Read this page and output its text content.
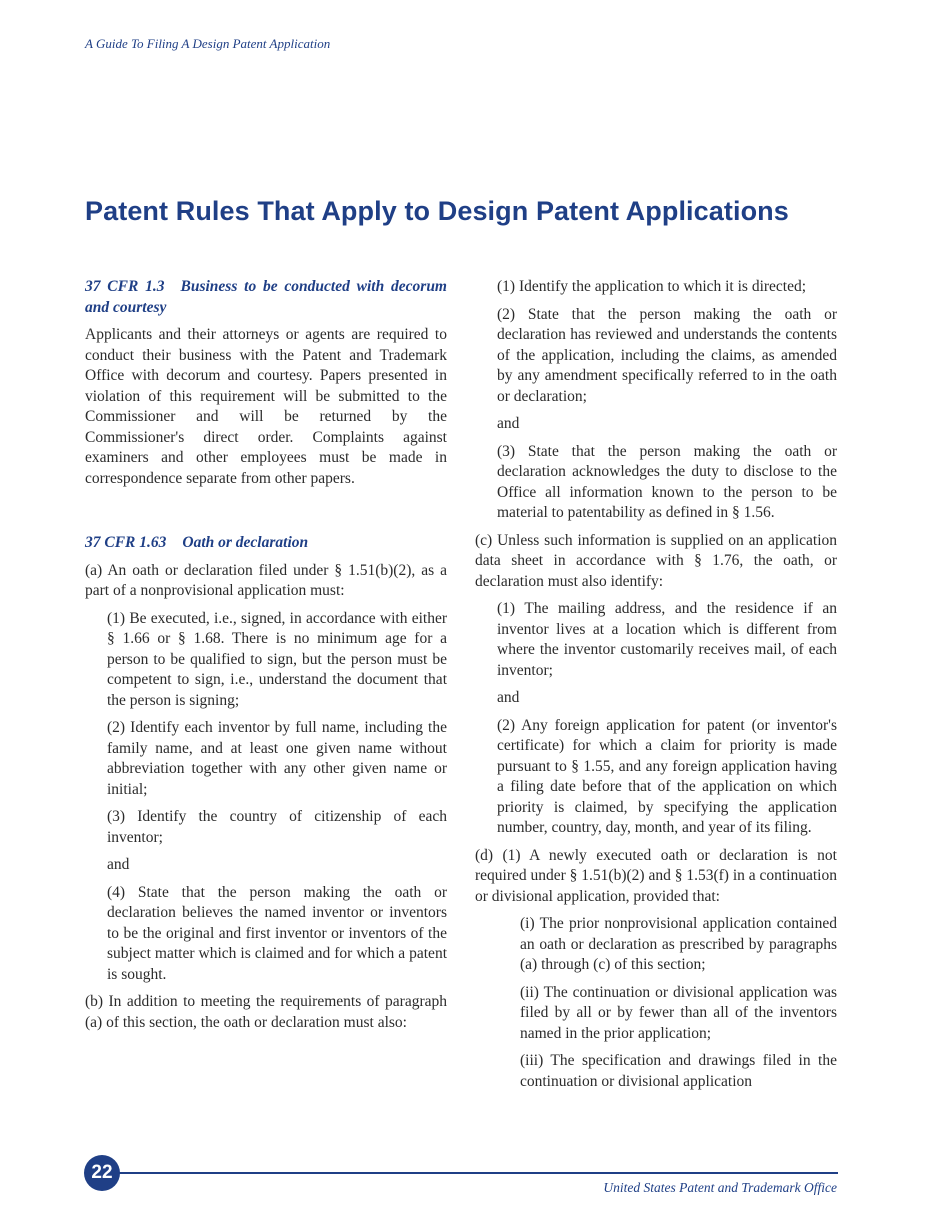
A Guide To Filing A Design Patent Application
Patent Rules That Apply to Design Patent Applications

37 CFR 1.3 Business to be conducted with decorum and courtesy

Applicants and their attorneys or agents are required to conduct their business with the Patent and Trademark Office with decorum and courtesy. Papers presented in violation of this requirement will be submitted to the Commissioner and will be returned by the Commissioner's direct order. Complaints against examiners and other employees must be made in correspondence separate from other papers.

37 CFR 1.63 Oath or declaration

(a) An oath or declaration filed under § 1.51(b)(2), as a part of a nonprovisional application must:

(1) Be executed, i.e., signed, in accordance with either § 1.66 or § 1.68. There is no minimum age for a person to be qualified to sign, but the person must be competent to sign, i.e., understand the document that the person is signing;

(2) Identify each inventor by full name, including the family name, and at least one given name without abbreviation together with any other given name or initial;

(3) Identify the country of citizenship of each inventor;

and

(4) State that the person making the oath or declaration believes the named inventor or inventors to be the original and first inventor or inventors of the subject matter which is claimed and for which a patent is sought.

(b) In addition to meeting the requirements of paragraph (a) of this section, the oath or declaration must also:

(1) Identify the application to which it is directed;

(2) State that the person making the oath or declaration has reviewed and understands the contents of the application, including the claims, as amended by any amendment specifically referred to in the oath or declaration;

and

(3) State that the person making the oath or declaration acknowledges the duty to disclose to the Office all information known to the person to be material to patentability as defined in § 1.56.

(c) Unless such information is supplied on an application data sheet in accordance with § 1.76, the oath, or declaration must also identify:

(1) The mailing address, and the residence if an inventor lives at a location which is different from where the inventor customarily receives mail, of each inventor;

and

(2) Any foreign application for patent (or inventor's certificate) for which a claim for priority is made pursuant to § 1.55, and any foreign application having a filing date before that of the application on which priority is claimed, by specifying the application number, country, day, month, and year of its filing.

(d) (1) A newly executed oath or declaration is not required under § 1.51(b)(2) and § 1.53(f) in a continuation or divisional application, provided that:

(i) The prior nonprovisional application contained an oath or declaration as prescribed by paragraphs (a) through (c) of this section;

(ii) The continuation or divisional application was filed by all or by fewer than all of the inventors named in the prior application;

(iii) The specification and drawings filed in the continuation or divisional application

22
United States Patent and Trademark Office
